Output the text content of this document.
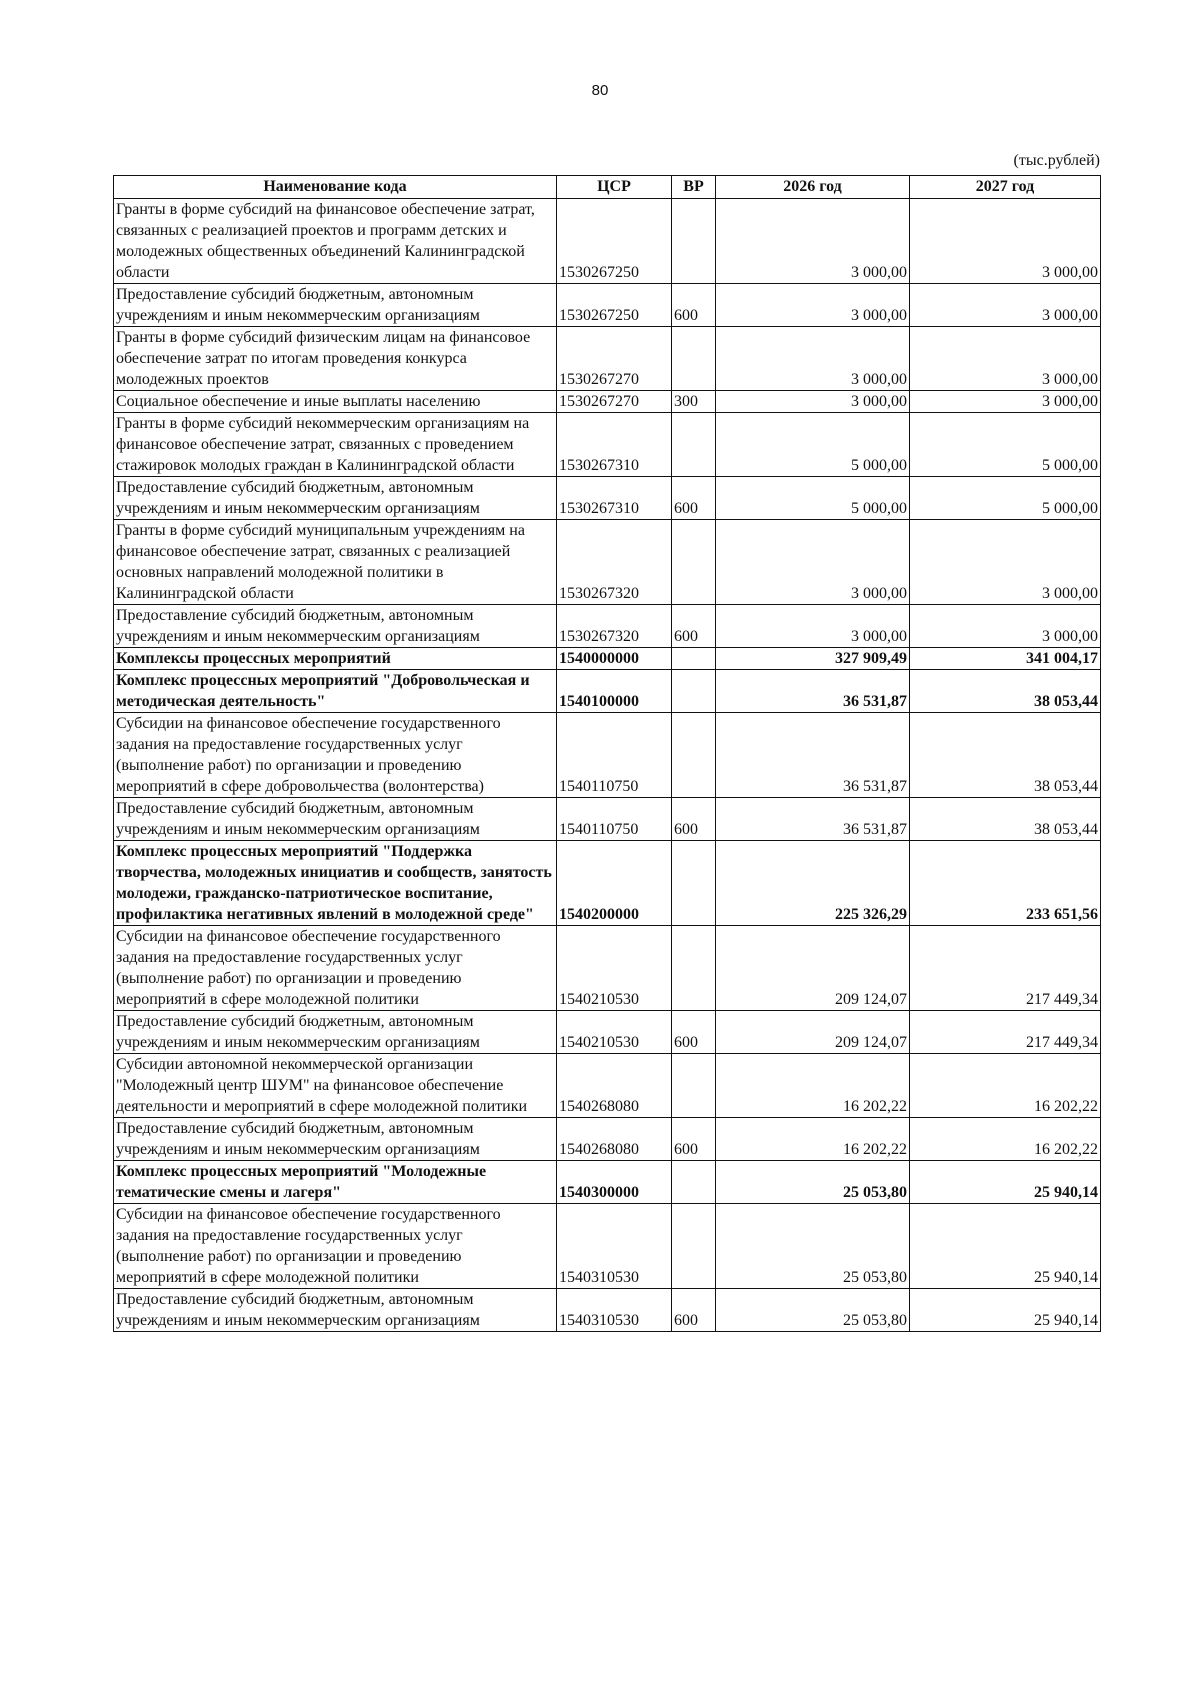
80
(тыс.рублей)
Наименование кода	ЦСР	ВР	2026 год	2027 год
Гранты в форме субсидий на финансовое обеспечение затрат, связанных с реализацией проектов и программ детских и молодежных общественных объединений Калининградской области	1530267250		3 000,00	3 000,00
Предоставление субсидий бюджетным, автономным учреждениям и иным некоммерческим организациям	1530267250	600	3 000,00	3 000,00
Гранты в форме субсидий физическим лицам на финансовое обеспечение затрат по итогам проведения конкурса молодежных проектов	1530267270		3 000,00	3 000,00
Социальное обеспечение и иные выплаты населению	1530267270	300	3 000,00	3 000,00
Гранты в форме субсидий некоммерческим организациям на финансовое обеспечение затрат, связанных с проведением стажировок молодых граждан в Калининградской области	1530267310		5 000,00	5 000,00
Предоставление субсидий бюджетным, автономным учреждениям и иным некоммерческим организациям	1530267310	600	5 000,00	5 000,00
Гранты в форме субсидий муниципальным учреждениям на финансовое обеспечение затрат, связанных с реализацией основных направлений молодежной политики в Калининградской области	1530267320		3 000,00	3 000,00
Предоставление субсидий бюджетным, автономным учреждениям и иным некоммерческим организациям	1530267320	600	3 000,00	3 000,00
Комплексы процессных мероприятий	1540000000		327 909,49	341 004,17
Комплекс процессных мероприятий "Добровольческая и методическая деятельность"	1540100000		36 531,87	38 053,44
Субсидии на финансовое обеспечение государственного задания на предоставление государственных услуг (выполнение работ) по организации и проведению мероприятий в сфере добровольчества (волонтерства)	1540110750		36 531,87	38 053,44
Предоставление субсидий бюджетным, автономным учреждениям и иным некоммерческим организациям	1540110750	600	36 531,87	38 053,44
Комплекс процессных мероприятий "Поддержка творчества, молодежных инициатив и сообществ, занятость молодежи, гражданско-патриотическое воспитание, профилактика негативных явлений в молодежной среде"	1540200000		225 326,29	233 651,56
Субсидии на финансовое обеспечение государственного задания на предоставление государственных услуг (выполнение работ) по организации и проведению мероприятий в сфере молодежной политики	1540210530		209 124,07	217 449,34
Предоставление субсидий бюджетным, автономным учреждениям и иным некоммерческим организациям	1540210530	600	209 124,07	217 449,34
Субсидии автономной некоммерческой организации "Молодежный центр ШУМ" на финансовое обеспечение деятельности и мероприятий в сфере молодежной политики	1540268080		16 202,22	16 202,22
Предоставление субсидий бюджетным, автономным учреждениям и иным некоммерческим организациям	1540268080	600	16 202,22	16 202,22
Комплекс процессных мероприятий "Молодежные тематические смены и лагеря"	1540300000		25 053,80	25 940,14
Субсидии на финансовое обеспечение государственного задания на предоставление государственных услуг (выполнение работ) по организации и проведению мероприятий в сфере молодежной политики	1540310530		25 053,80	25 940,14
Предоставление субсидий бюджетным, автономным учреждениям и иным некоммерческим организациям	1540310530	600	25 053,80	25 940,14
